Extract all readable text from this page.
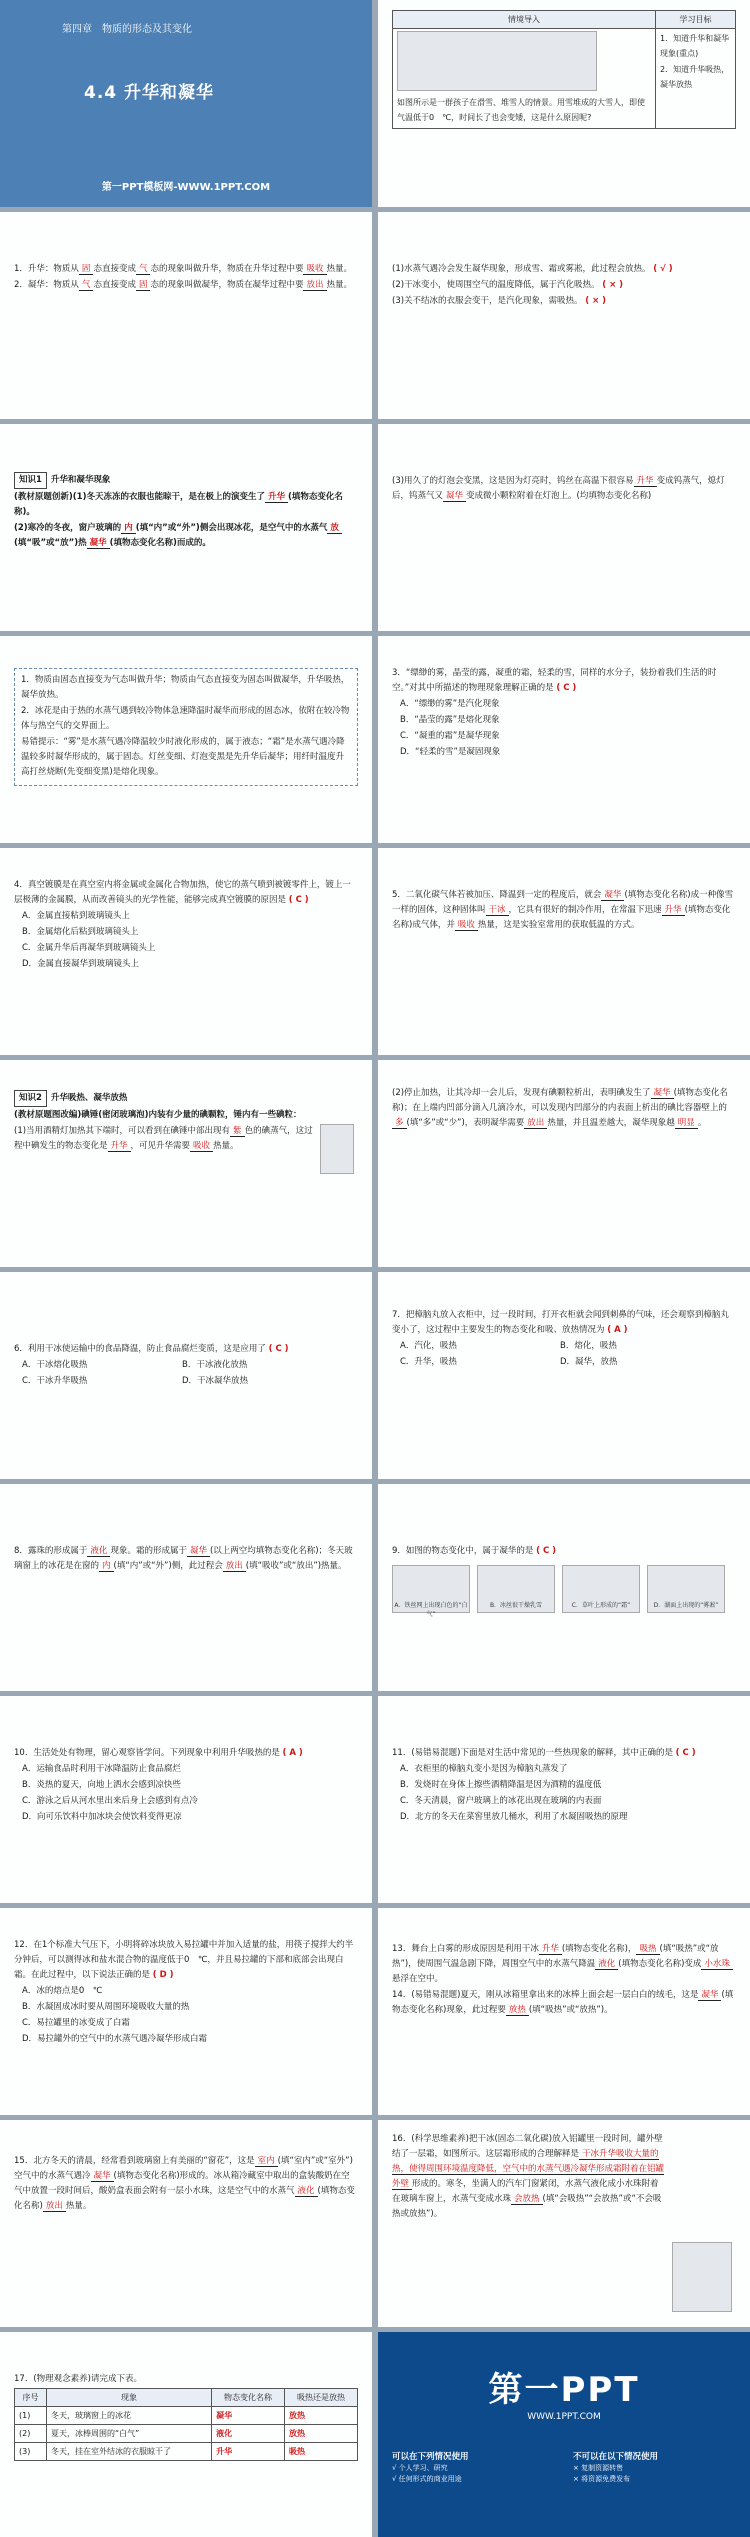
第四章　物质的形态及其变化
4.4 升华和凝华
第一PPT模板网-WWW.1PPT.COM
情境导入	学习目标

如图所示是一群孩子在滑雪、堆雪人的情景。用雪堆成的大雪人，即使气温低于0　℃，时间长了也会变矮，这是什么原因呢?	1．知道升华和凝华现象(重点)

2．知道升华吸热，凝华放热

1．升华：物质从 固 态直接变成 气 态的现象叫做升华，物质在升华过程中要 吸收 热量。

2．凝华：物质从 气 态直接变成 固 态的现象叫做凝华，物质在凝华过程中要 放出 热量。

(1)水蒸气遇冷会发生凝华现象，形成雪、霜或雾凇，此过程会放热。 ( √ )

(2)干冰变小，使周围空气的温度降低，属于汽化吸热。 ( × )

(3)关不结冰的衣服会变干，是汽化现象，需吸热。 ( × )

知识1 升华和凝华现象

(教材原题创新)(1)冬天冻冻的衣服也能晾干，是在极上的演变生了 升华 (填物态变化名称)。

(2)寒冷的冬夜，窗户玻璃的 内 (填“内”或“外”)侧会出现冰花，是空气中的水蒸气 放(填“吸”或“放”)热 凝华 (填物态变化名称)而成的。

(3)用久了的灯泡会变黑，这是因为灯亮时，钨丝在高温下很容易 升华 变成钨蒸气，熄灯后，钨蒸气又 凝华 变成微小颗粒附着在灯泡上。(均填物态变化名称)

1．物质由固态直接变为气态叫做升华；物质由气态直接变为固态叫做凝华，升华吸热，凝华放热。

2．冰花是由于热的水蒸气遇到较冷物体急速降温时凝华而形成的固态冰，依附在较冷物体与热空气的交界面上。

易错提示：“雾”是水蒸气遇冷降温较少时液化形成的，属于液态；“霜”是水蒸气遇冷降温较多时凝华形成的，属于固态。灯丝变细、灯泡变黑是先升华后凝华；用纤时温度升高打丝烧断(先变细变黑)是熔化现象。

3．“缥缈的雾，晶莹的露，凝重的霜，轻柔的雪，同样的水分子，装扮着我们生活的时空。”对其中所描述的物理现象理解正确的是 ( C )

A．“缥缈的雾”是汽化现象

B．“晶莹的露”是熔化现象

C．“凝重的霜”是凝华现象

D．“轻柔的雪”是凝固现象

4．真空镀膜是在真空室内将金属或金属化合物加热，使它的蒸气喷到被镀零件上，镀上一层极薄的金属膜，从而改善镜头的光学性能，能够完成真空镀膜的原因是 ( C )

A．金属直接粘到玻璃镜头上

B．金属熔化后粘到玻璃镜头上

C．金属升华后再凝华到玻璃镜头上

D．金属直接凝华到玻璃镜头上

5．二氧化碳气体若被加压、降温到一定的程度后，就会 凝华 (填物态变化名称)成一种像雪一样的固体，这种固体叫 干冰 ，它具有很好的制冷作用，在常温下迅速 升华 (填物态变化名称)成气体，并 吸收 热量，这是实验室常用的获取低温的方式。

知识2 升华吸热、凝华放热

(教材原题图改编)碘锤(密闭玻璃泡)内装有少量的碘颗粒，锤内有一些碘粒：

(1)当用酒精灯加热其下端时，可以看到在碘锤中部出现有 紫 色的碘蒸气，这过程中碘发生的物态变化是 升华 ，可见升华需要 吸收 热量。

(2)停止加热，让其冷却一会儿后，发现有碘颗粒析出，表明碘发生了 凝华 (填物态变化名称)；在上端内凹部分滴入几滴冷水，可以发现内凹部分的内表面上析出的碘比容器壁上的多 (填“多”或“少”)，表明凝华需要 放出 热量，并且温差越大，凝华现象越 明显 。

6．利用干冰使运输中的食品降温，防止食品腐烂变质，这是应用了 ( C )

A．干冰熔化吸热	B．干冰液化放热

C．干冰升华吸热	D．干冰凝华放热

7．把樟脑丸放入衣柜中，过一段时间，打开衣柜就会闻到刺鼻的气味，还会观察到樟脑丸变小了，这过程中主要发生的物态变化和吸、放热情况为 ( A )

A．汽化，吸热	B．熔化，吸热

C．升华，吸热	D．凝华，放热

8．露珠的形成属于 液化 现象。霜的形成属于 凝华 (以上两空均填物态变化名称)；冬天玻璃窗上的冰花是在窗的 内 (填“内”或“外”)侧，此过程会 放出 (填“吸收”或“放出”)热量。

9．如图的物态变化中，属于凝华的是 ( C )

A．铁丝网上出现白色的“白气”
B．冰丝很干燥乳雪	C．草叶上形成的“霜”	D．湖面上出现的“雾凇”

10．生活处处有物理，留心观察皆学问。下列现象中利用升华吸热的是 ( A )

A．运输食品时利用干冰降温防止食品腐烂

B．炎热的夏天，向地上洒水会感到凉快些

C．游泳之后从河水里出来后身上会感到有点冷

D．向可乐饮料中加冰块会使饮料变得更凉

11．(易错易混题)下面是对生活中常见的一些热现象的解释，其中正确的是 ( C )

A．衣柜里的樟脑丸变小是因为樟脑丸蒸发了

B．发烧时在身体上擦些酒精降温是因为酒精的温度低

C．冬天清晨，窗户玻璃上的冰花出现在玻璃的内表面

D．北方的冬天在菜窖里放几桶水，利用了水凝固吸热的原理

12．在1个标准大气压下，小明将碎冰块放入易拉罐中并加入适量的盐，用筷子搅拌大约半分钟后，可以测得冰和盐水混合物的温度低于0　℃，并且易拉罐的下部和底部会出现白霜。在此过程中，以下说法正确的是 ( D )

A．冰的熔点是0　℃

B．水凝固成冰时要从周围环境吸收大量的热

C．易拉罐里的冰变成了白霜

D．易拉罐外的空气中的水蒸气遇冷凝华形成白霜

13．舞台上白雾的形成原因是利用干冰 升华 (填物态变化名称)， 吸热 (填“吸热”或“放热”)，使周围气温急剧下降，周围空气中的水蒸气降温 液化 (填物态变化名称)变成 小水珠悬浮在空中。

14．(易错易混题)夏天，刚从冰箱里拿出来的冰棒上面会起一层白白的绒毛，这是 凝华 (填物态变化名称)现象，此过程要 放热 (填“吸热”或“放热”)。

15．北方冬天的清晨，经常看到玻璃窗上有美丽的“窗花”，这是 室内 (填“室内”或“室外”)空气中的水蒸气遇冷 凝华 (填物态变化名称)形成的。冰从箱冷藏室中取出的盒装酸奶在空气中放置一段时间后，酸奶盒表面会附有一层小水珠，这是空气中的水蒸气 液化 (填物态变化名称) 放出 热量。

16．(科学思维素养)把干冰(固态二氧化碳)放入铝罐里一段时间，罐外壁结了一层霜，如图所示。这层霜形成的合理解释是 干冰升华吸收大量的热，使得周围环境温度降低，空气中的水蒸气遇冷凝华形成霜附着在铝罐外壁 形成的。寒冬，坐满人的汽车门窗紧闭，水蒸气液化成小水珠附着在玻璃车窗上，水蒸气变成水珠 会放热 (填“会吸热”“会放热”或“不会吸热或放热”)。

17．(物理观念素养)请完成下表。

序号	现象	物态变化名称	吸热还是放热
(1)	冬天，玻璃窗上的冰花	凝华	放热
(2)	夏天，冰棒周围的“白气”	液化	放热
(3)	冬天，挂在室外结冰的衣服晾干了	升华	吸热
第一PPT
WWW.1PPT.COM
可以在下列情况使用
√ 个人学习、研究
√ 任何形式的商业用途
不可以在以下情况使用
× 复制资源转售
× 将资源免费发布
